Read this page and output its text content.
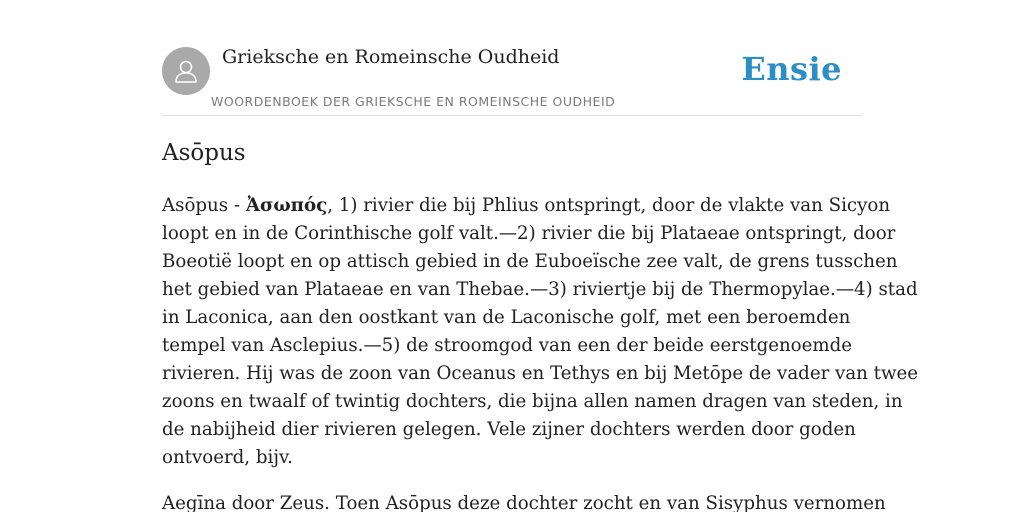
Grieksche en Romeinsche Oudheid
WOORDENBOEK DER GRIEKSCHE EN ROMEINSCHE OUDHEID
Ensie
Asōpus

Asōpus - Ἀσωπός, 1) rivier die bij Phlius ontspringt, door de vlakte van Sicyon
loopt en in de Corinthische golf valt.—2) rivier die bij Plataeae ontspringt, door
Boeotië loopt en op attisch gebied in de Euboeïsche zee valt, de grens tusschen
het gebied van Plataeae en van Thebae.—3) riviertje bij de Thermopylae.—4) stad
in Laconica, aan den oostkant van de Laconische golf, met een beroemden
tempel van Asclepius.—5) de stroomgod van een der beide eerstgenoemde
rivieren. Hij was de zoon van Oceanus en Tethys en bij Metōpe de vader van twee
zoons en twaalf of twintig dochters, die bijna allen namen dragen van steden, in
de nabijheid dier rivieren gelegen. Vele zijner dochters werden door goden
ontvoerd, bijv.

Aegīna door Zeus. Toen Asōpus deze dochter zocht en van Sisyphus vernomen
